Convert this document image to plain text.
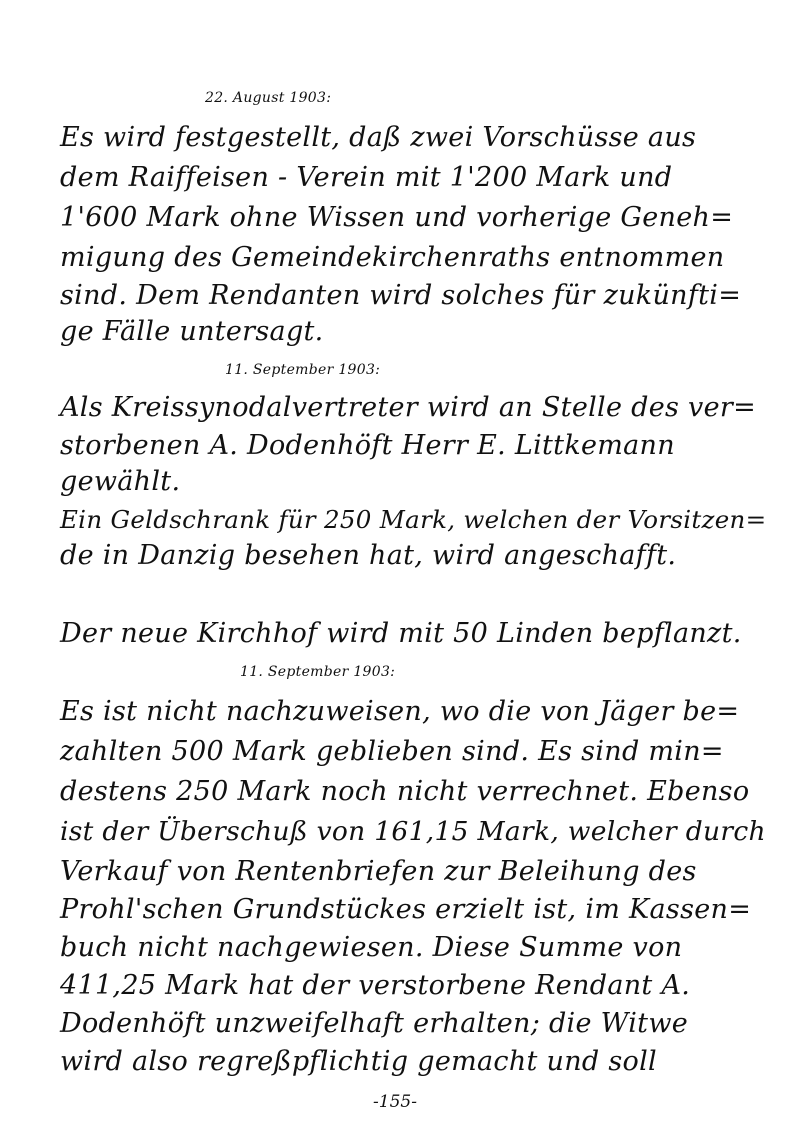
22. August 1903:
Es wird festgestellt, daß zwei Vorschüsse aus
dem Raiffeisen - Verein mit 1'200 Mark und
1'600 Mark ohne Wissen und vorherige Geneh=
migung des Gemeindekirchenraths entnommen
sind. Dem Rendanten wird solches für zukünfti=
ge Fälle untersagt.
11. September 1903:
Als Kreissynodalvertreter wird an Stelle des ver=
storbenen A. Dodenhöft Herr E. Littkemann
gewählt.
Ein Geldschrank für 250 Mark, welchen der Vorsitzen=
de in Danzig besehen hat, wird angeschafft.
Der neue Kirchhof wird mit 50 Linden bepflanzt.
11. September 1903:
Es ist nicht nachzuweisen, wo die von Jäger be=
zahlten 500 Mark geblieben sind. Es sind min=
destens 250 Mark noch nicht verrechnet. Ebenso
ist der Überschuß von 161,15 Mark, welcher durch
Verkauf von Rentenbriefen zur Beleihung des
Prohl'schen Grundstückes erzielt ist, im Kassen=
buch nicht nachgewiesen. Diese Summe von
411,25 Mark hat der verstorbene Rendant A.
Dodenhöft unzweifelhaft erhalten; die Witwe
wird also regreßpflichtig gemacht und soll
-155-
